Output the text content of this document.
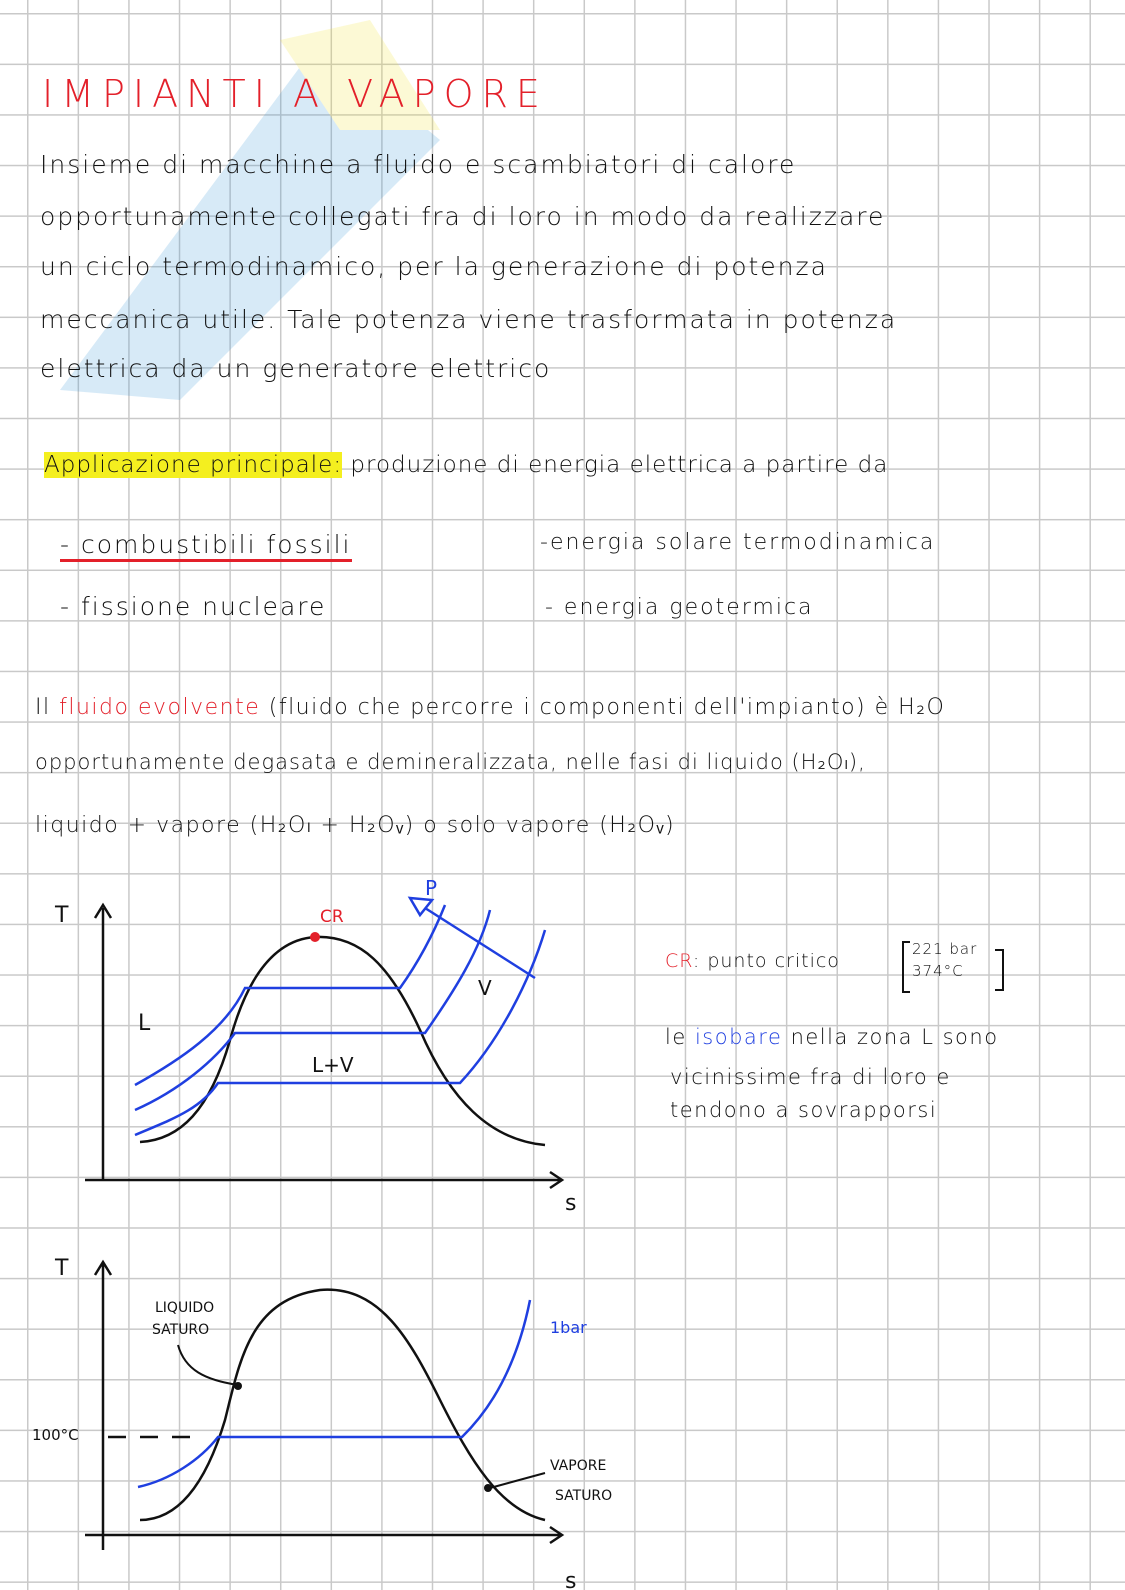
IMPIANTI A VAPORE
Insieme di macchine a fluido e scambiatori di calore
opportunamente collegati fra di loro in modo da realizzare
un ciclo termodinamico, per la generazione di potenza
meccanica utile. Tale potenza viene trasformata in potenza
elettrica da un generatore elettrico
Applicazione principale: produzione di energia elettrica a partire da
- combustibili fossili
- fissione nucleare
-energia solare termodinamica
- energia geotermica
Il fluido evolvente (fluido che percorre i componenti dell'impianto) è H₂O
opportunamente degasata e demineralizzata, nelle fasi di liquido (H₂Oₗ),
liquido + vapore (H₂Oₗ + H₂Oᵥ) o solo vapore (H₂Oᵥ)
T
s
CR
P
L
L+V
V
T
s
100°C
LIQUIDO
SATURO
VAPORE
SATURO
1bar
CR: punto critico
221 bar
374°C
le isobare nella zona L sono
vicinissime fra di loro e
tendono a sovrapporsi
